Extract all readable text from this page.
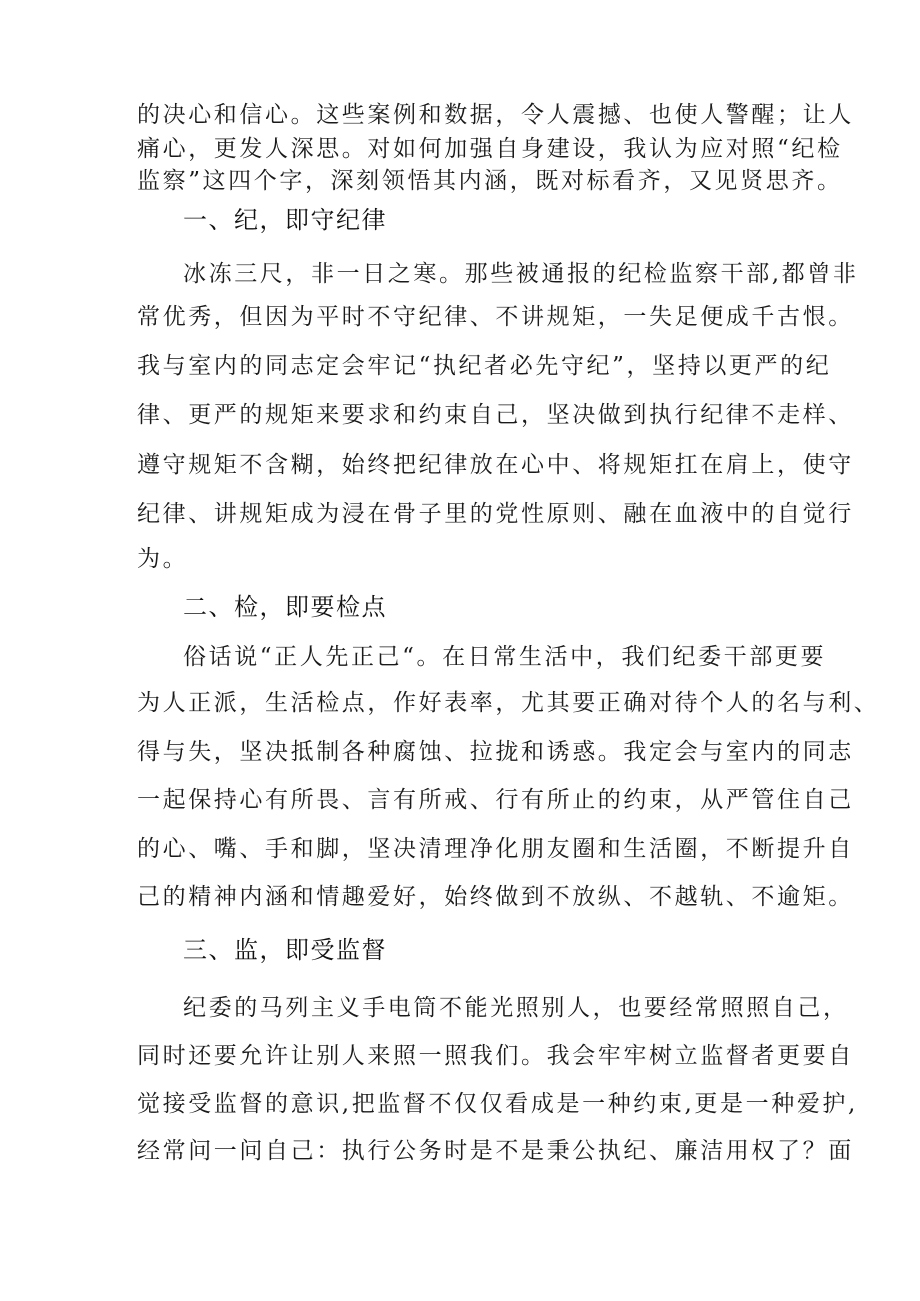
的决心和信心。这些案例和数据，令人震撼、也使人警醒；让人
痛心，更发人深思。对如何加强自身建设，我认为应对照“纪检
监察”这四个字，深刻领悟其内涵，既对标看齐，又见贤思齐。
一、纪，即守纪律
冰冻三尺，非一日之寒。那些被通报的纪检监察干部,都曾非
常优秀，但因为平时不守纪律、不讲规矩，一失足便成千古恨。
我与室内的同志定会牢记“执纪者必先守纪”，坚持以更严的纪
律、更严的规矩来要求和约束自己，坚决做到执行纪律不走样、
遵守规矩不含糊，始终把纪律放在心中、将规矩扛在肩上，使守
纪律、讲规矩成为浸在骨子里的党性原则、融在血液中的自觉行
为。
二、检，即要检点
俗话说“正人先正己“。在日常生活中，我们纪委干部更要
为人正派，生活检点，作好表率，尤其要正确对待个人的名与利、
得与失，坚决抵制各种腐蚀、拉拢和诱惑。我定会与室内的同志
一起保持心有所畏、言有所戒、行有所止的约束，从严管住自己
的心、嘴、手和脚，坚决清理净化朋友圈和生活圈，不断提升自
己的精神内涵和情趣爱好，始终做到不放纵、不越轨、不逾矩。
三、监，即受监督
纪委的马列主义手电筒不能光照别人，也要经常照照自己，
同时还要允许让别人来照一照我们。我会牢牢树立监督者更要自
觉接受监督的意识,把监督不仅仅看成是一种约束,更是一种爱护,
经常问一问自己：执行公务时是不是秉公执纪、廉洁用权了？面
